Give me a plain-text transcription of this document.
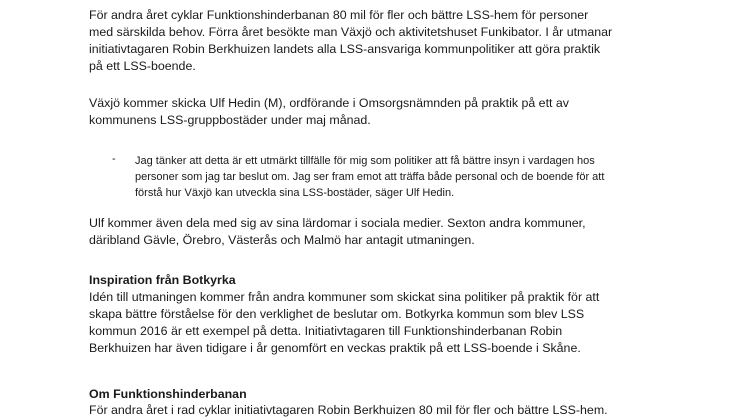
För andra året cyklar Funktionshinderbanan 80 mil för fler och bättre LSS-hem för personer
med särskilda behov. Förra året besökte man Växjö och aktivitetshuset Funkibator. I år utmanar
initiativtagaren Robin Berkhuizen landets alla LSS-ansvariga kommunpolitiker att göra praktik
på ett LSS-boende.
Växjö kommer skicka Ulf Hedin (M), ordförande i Omsorgsnämnden på praktik på ett av
kommunens LSS-gruppbostäder under maj månad.
- Jag tänker att detta är ett utmärkt tillfälle för mig som politiker att få bättre insyn i vardagen hos
personer som jag tar beslut om. Jag ser fram emot att träffa både personal och de boende för att
förstå hur Växjö kan utveckla sina LSS-bostäder, säger Ulf Hedin.
Ulf kommer även dela med sig av sina lärdomar i sociala medier. Sexton andra kommuner,
däribland Gävle, Örebro, Västerås och Malmö har antagit utmaningen.
Inspiration från Botkyrka
Idén till utmaningen kommer från andra kommuner som skickat sina politiker på praktik för att
skapa bättre förståelse för den verklighet de beslutar om. Botkyrka kommun som blev LSS
kommun 2016 är ett exempel på detta. Initiativtagaren till Funktionshinderbanan Robin
Berkhuizen har även tidigare i år genomfört en veckas praktik på ett LSS-boende i Skåne.
Om Funktionshinderbanan
För andra året i rad cyklar initiativtagaren Robin Berkhuizen 80 mil för fler och bättre LSS-hem.
